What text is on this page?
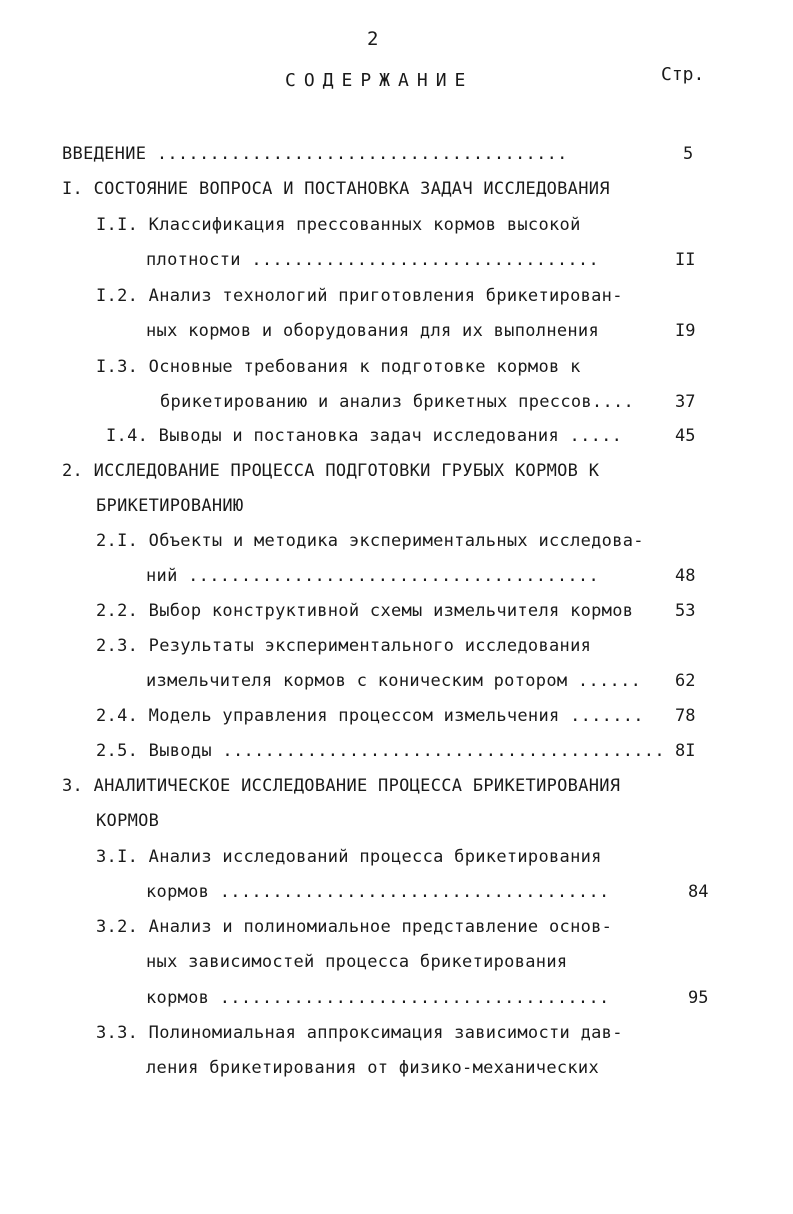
2
СОДЕРЖАНИЕ	Стр.
ВВЕДЕНИЕ .......................................	5
I. СОСТОЯНИЕ ВОПРОСА И ПОСТАНОВКА ЗАДАЧ ИССЛЕДОВАНИЯ
I.I. Классификация прессованных кормов высокой
плотности .................................	II
I.2. Анализ технологий приготовления брикетирован-
ных кормов и оборудования для их выполнения	I9
I.3. Основные требования к подготовке кормов к
брикетированию и анализ брикетных прессов.... 37
I.4. Выводы и постановка задач исследования .....	45
2. ИССЛЕДОВАНИЕ ПРОЦЕССА ПОДГОТОВКИ ГРУБЫХ КОРМОВ К
БРИКЕТИРОВАНИЮ
2.I. Объекты и методика экспериментальных исследова-
ний .......................................	48
2.2. Выбор конструктивной схемы измельчителя кормов 53
2.3. Результаты экспериментального исследования
измельчителя кормов с коническим ротором ...... 62
2.4. Модель управления процессом измельчения ....... 78
2.5. Выводы .......................................... 8I
3. АНАЛИТИЧЕСКОЕ ИССЛЕДОВАНИЕ ПРОЦЕССА БРИКЕТИРОВАНИЯ
КОРМОВ
3.I. Анализ исследований процесса брикетирования
кормов .....................................	84
3.2. Анализ и полиномиальное представление основ-
ных зависимостей процесса брикетирования
кормов .....................................	95
3.3. Полиномиальная аппроксимация зависимости дав-
ления брикетирования от физико-механических
